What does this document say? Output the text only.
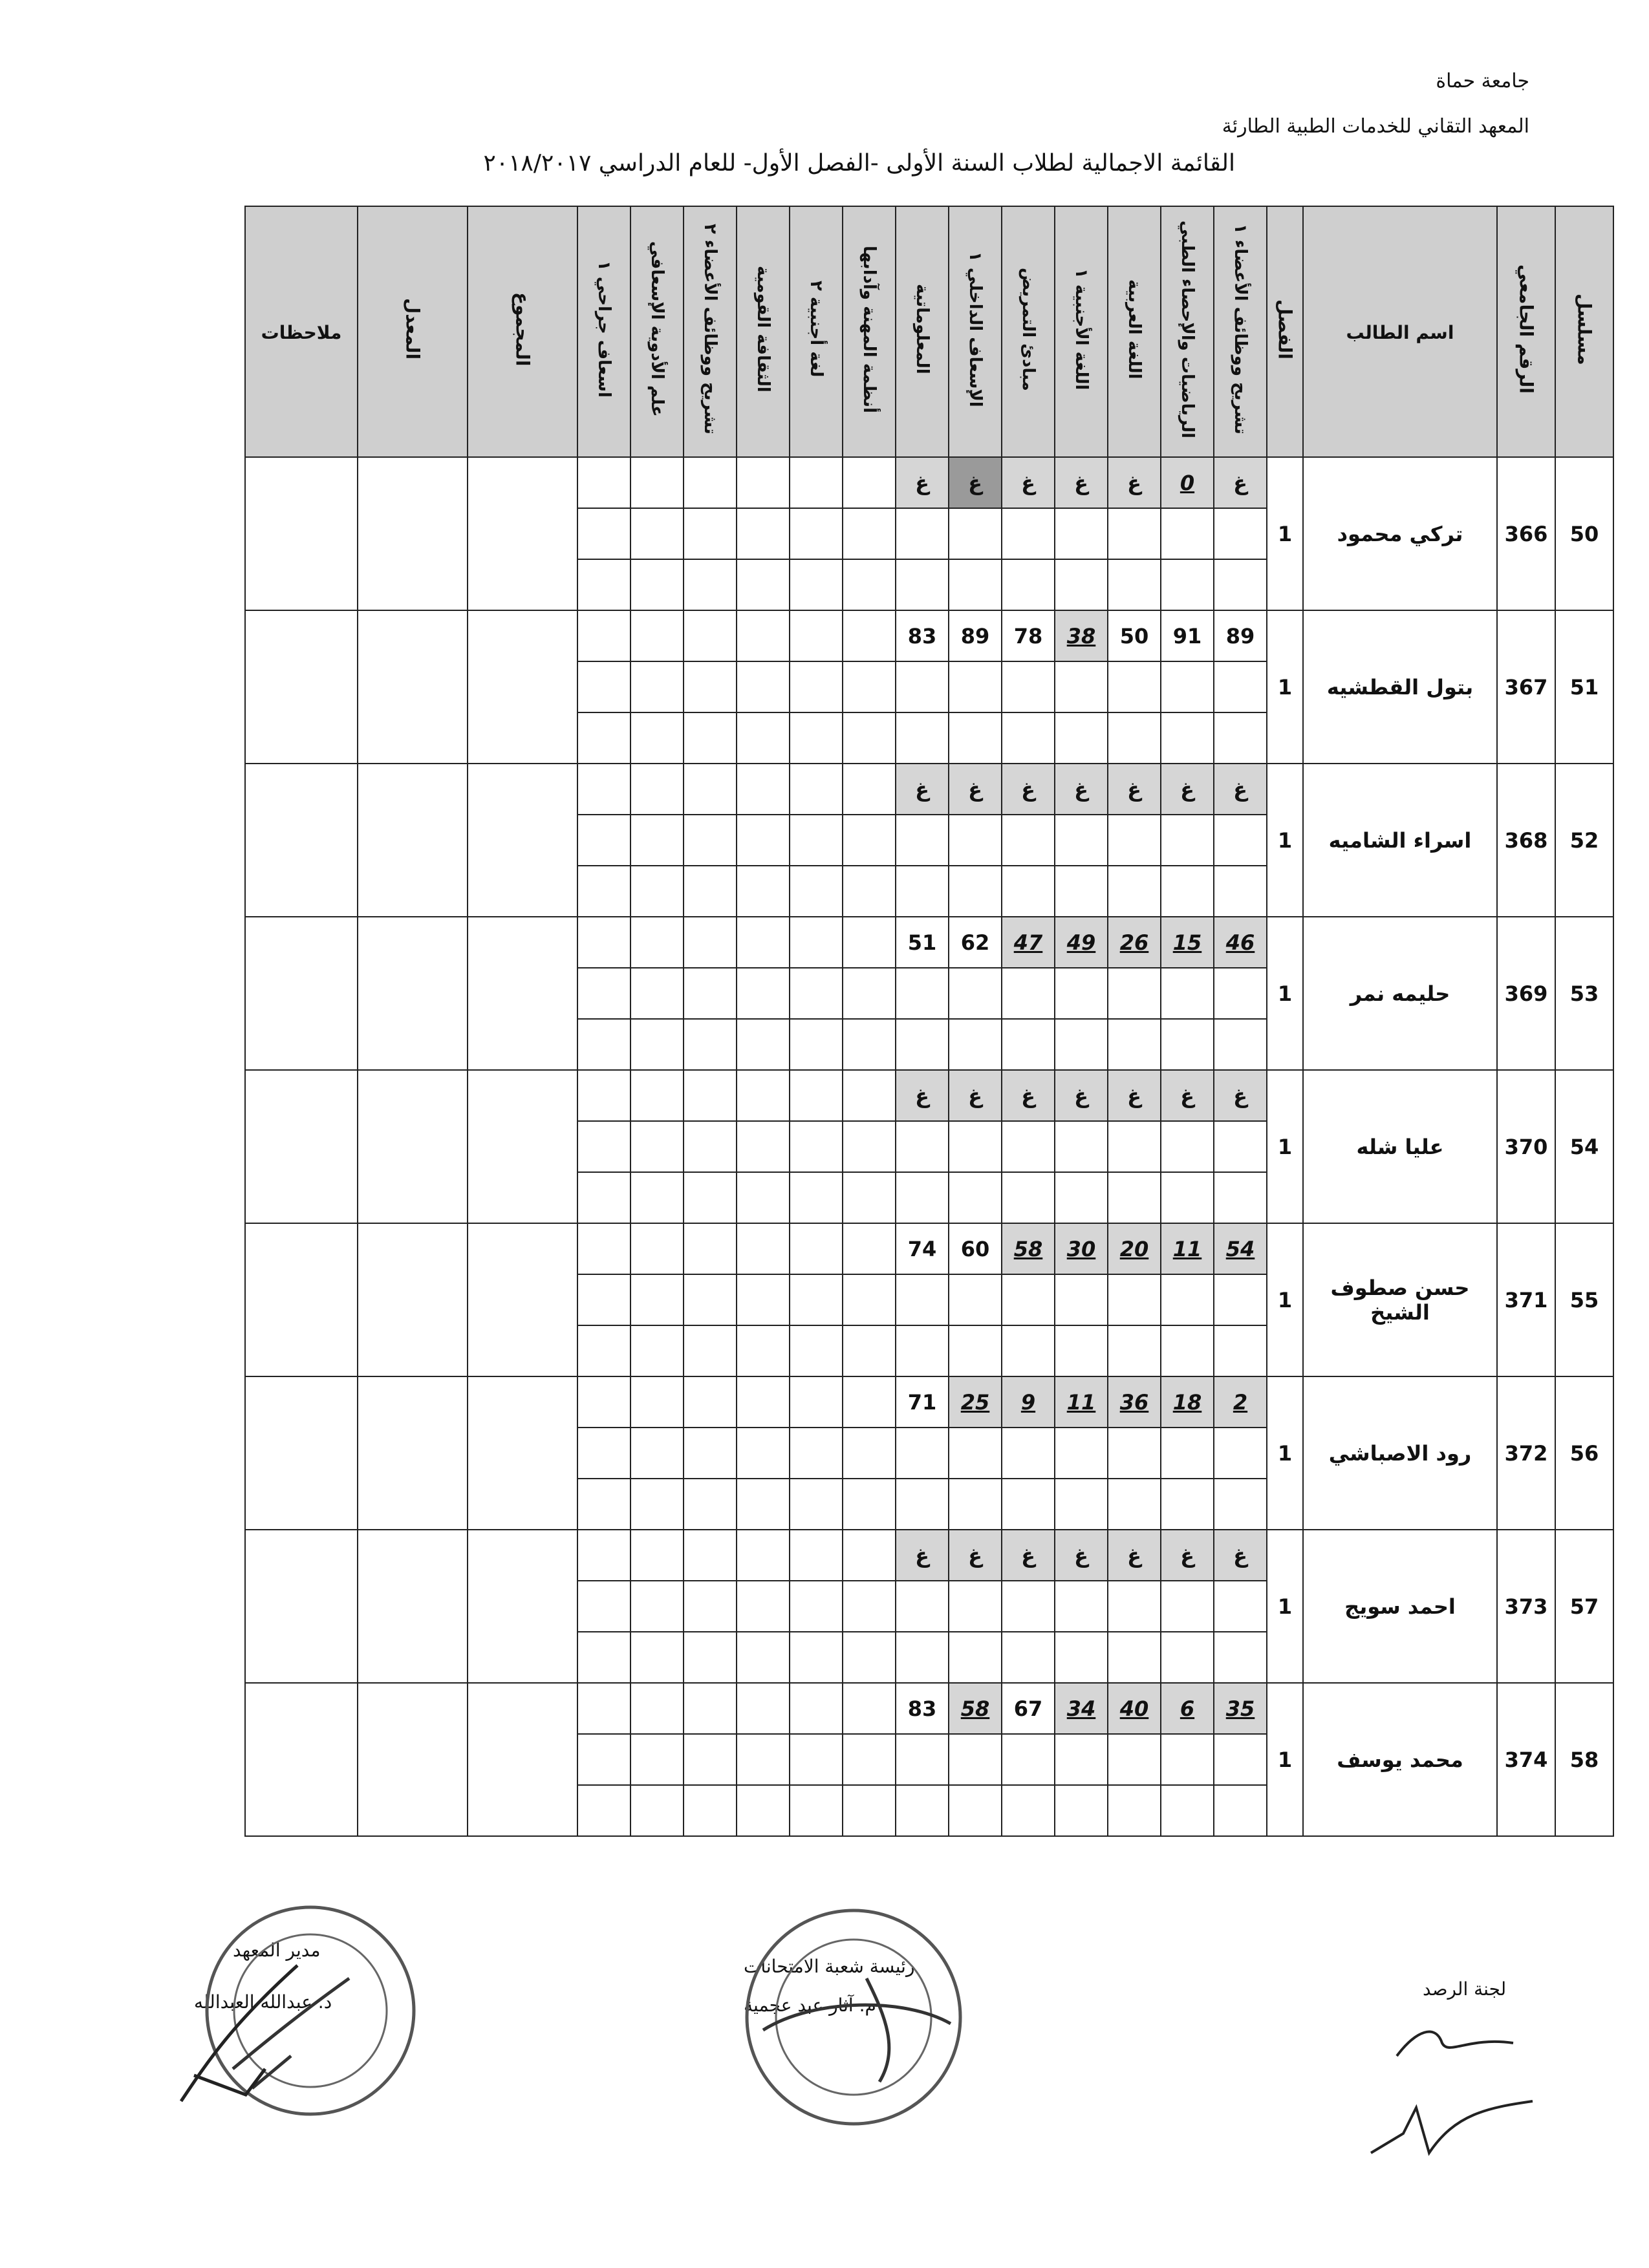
جامعة حماة
المعهد التقاني للخدمات الطبية الطارئة
القائمة الاجمالية لطلاب السنة الأولى -الفصل الأول- للعام الدراسي ٢٠١٨/٢٠١٧
مسلسل	الرقم الجامعي	اسم الطالب	الفصل	تشريح ووظائف الأعضاء ١	الرياضيات والإحصاء الطبي	اللغة العربية	اللغة الأجنبية ١	مبادئ التمريض	الإسعاف الداخلي ١	المعلوماتية	أنظمة المهنة وآدابها	لغة أجنبية ٢	الثقافة القومية	تشريح ووظائف الأعضاء ٢	علم الأدوية الإسعافي	اسعاف جراحي ١	المجموع	المعدل	ملاحظات
50	366	تركي محمود	1	غ	0	غ	غ	غ	غ	غ									

51	367	بتول القطشيه	1	89	91	50	38	78	89	83									

52	368	اسراء الشاميه	1	غ	غ	غ	غ	غ	غ	غ									

53	369	حليمه نمر	1	46	15	26	49	47	62	51									

54	370	عليا شله	1	غ	غ	غ	غ	غ	غ	غ									

55	371	حسن صطوف الشيخ	1	54	11	20	30	58	60	74									

56	372	رود الاصباشي	1	2	18	36	11	9	25	71									

57	373	احمد سويج	1	غ	غ	غ	غ	غ	غ	غ									

58	374	محمد يوسف	1	35	6	40	34	67	58	83									

مدير المعهد
د. عبدالله العبدالله
رئيسة شعبة الامتحانات
م. آثار عبد عجمية
لجنة الرصد
